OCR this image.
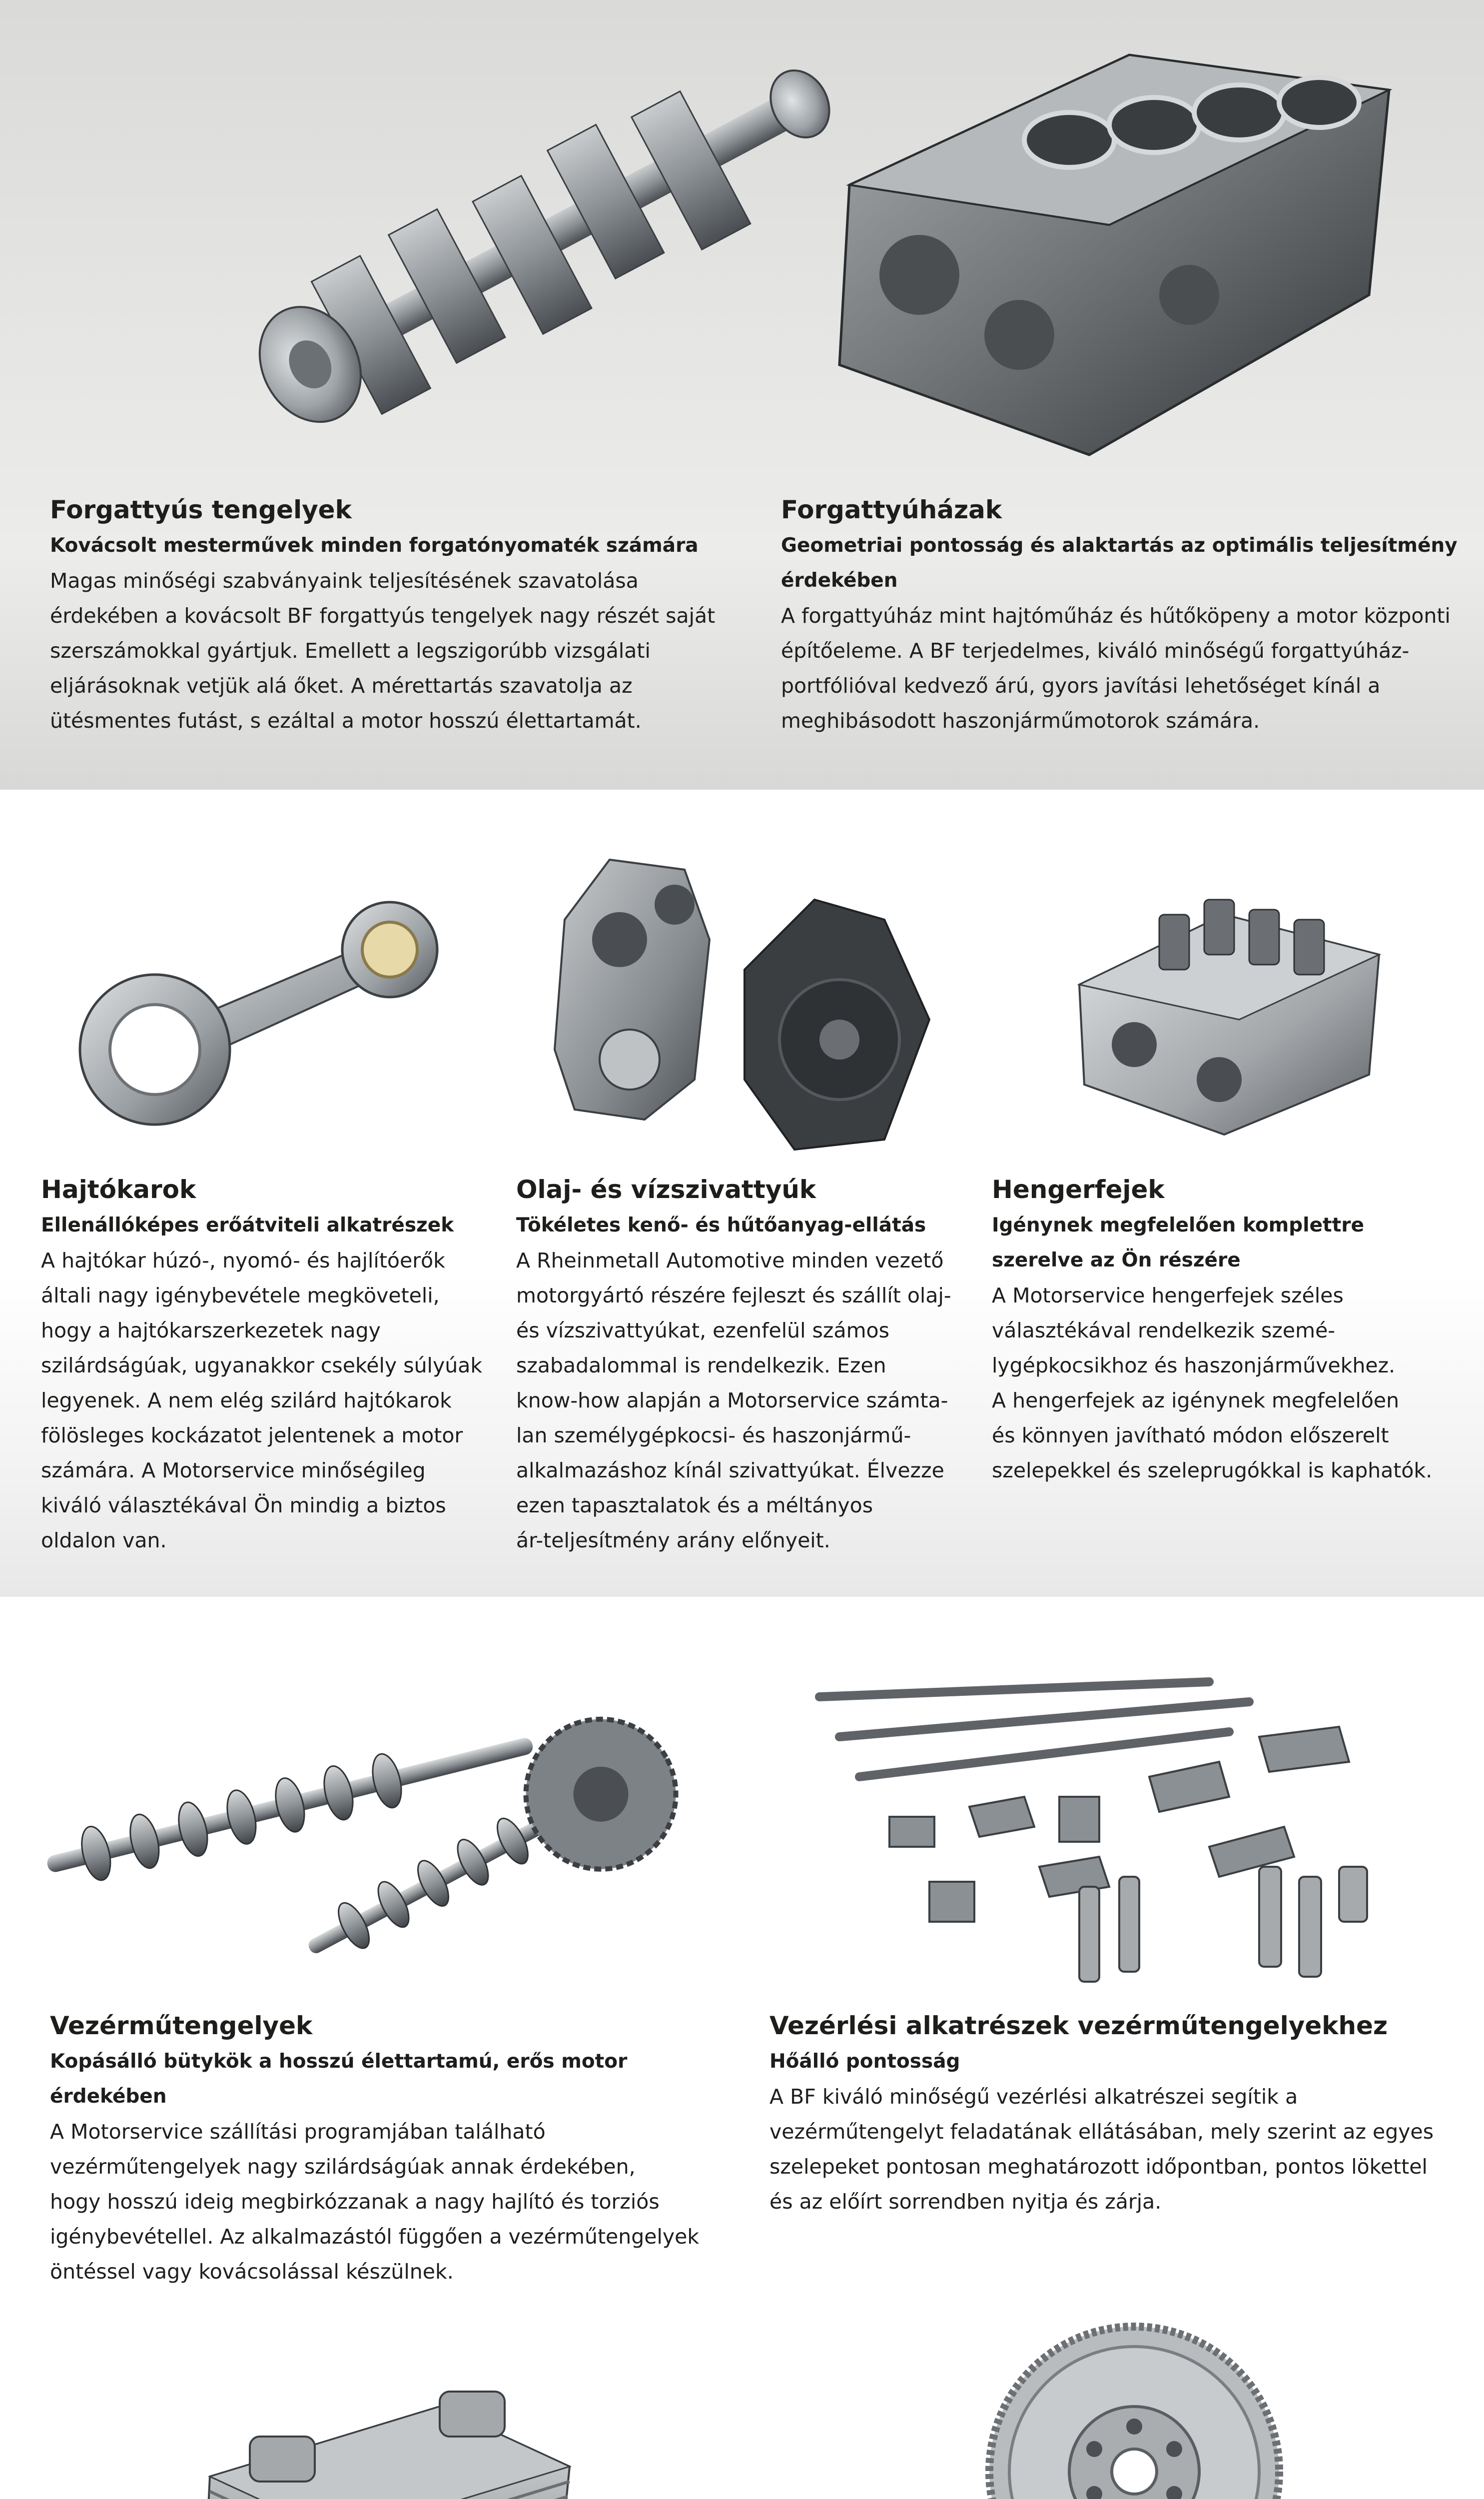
Forgattyús tengelyek
Kovácsolt mesterművek minden forgatónyomaték számára
Magas minőségi szabványaink teljesítésének szavatolása
érdekében a kovácsolt BF forgattyús tengelyek nagy részét saját
szerszámokkal gyártjuk. Emellett a legszigorúbb vizsgálati
eljárásoknak vetjük alá őket. A mérettartás szavatolja az
ütésmentes futást, s ezáltal a motor hosszú élettartamát.
Forgattyúházak
Geometriai pontosság és alaktartás az optimális teljesítmény
érdekében
A forgattyúház mint hajtóműház és hűtőköpeny a motor központi
építőeleme. A BF terjedelmes, kiváló minőségű forgattyúház-
portfólióval kedvező árú, gyors javítási lehetőséget kínál a
meghibásodott haszonjárműmotorok számára.
Hajtókarok
Ellenállóképes erőátviteli alkatrészek
A hajtókar húzó-, nyomó- és hajlítóerők
általi nagy igénybevétele megköveteli,
hogy a hajtókarszerkezetek nagy
szilárdságúak, ugyanakkor csekély súlyúak
legyenek. A nem elég szilárd hajtókarok
fölösleges kockázatot jelentenek a motor
számára. A Motorservice minőségileg
kiváló választékával Ön mindig a biztos
oldalon van.
Olaj- és vízszivattyúk
Tökéletes kenő- és hűtőanyag-ellátás
A Rheinmetall Automotive minden vezető
motorgyártó részére fejleszt és szállít olaj-
és vízszivattyúkat, ezenfelül számos
szabadalommal is rendelkezik. Ezen
know-how alapján a Motorservice számta-
lan személygépkocsi- és haszonjármű-
alkalmazáshoz kínál szivattyúkat. Élvezze
ezen tapasztalatok és a méltányos
ár-teljesítmény arány előnyeit.
Hengerfejek
Igénynek megfelelően komplettre
szerelve az Ön részére
A Motorservice hengerfejek széles
választékával rendelkezik szemé-
lygépkocsikhoz és haszonjárművekhez.
A hengerfejek az igénynek megfelelően
és könnyen javítható módon előszerelt
szelepekkel és szeleprugókkal is kaphatók.
Vezérműtengelyek
Kopásálló bütykök a hosszú élettartamú, erős motor
érdekében
A Motorservice szállítási programjában található
vezérműtengelyek nagy szilárdságúak annak érdekében,
hogy hosszú ideig megbirkózzanak a nagy hajlító és torziós
igénybevétellel. Az alkalmazástól függően a vezérműtengelyek
öntéssel vagy kovácsolással készülnek.
Vezérlési alkatrészek vezérműtengelyekhez
Hőálló pontosság
A BF kiváló minőségű vezérlési alkatrészei segítik a
vezérműtengelyt feladatának ellátásában, mely szerint az egyes
szelepeket pontosan meghatározott időpontban, pontos lökettel
és az előírt sorrendben nyitja és zárja.
